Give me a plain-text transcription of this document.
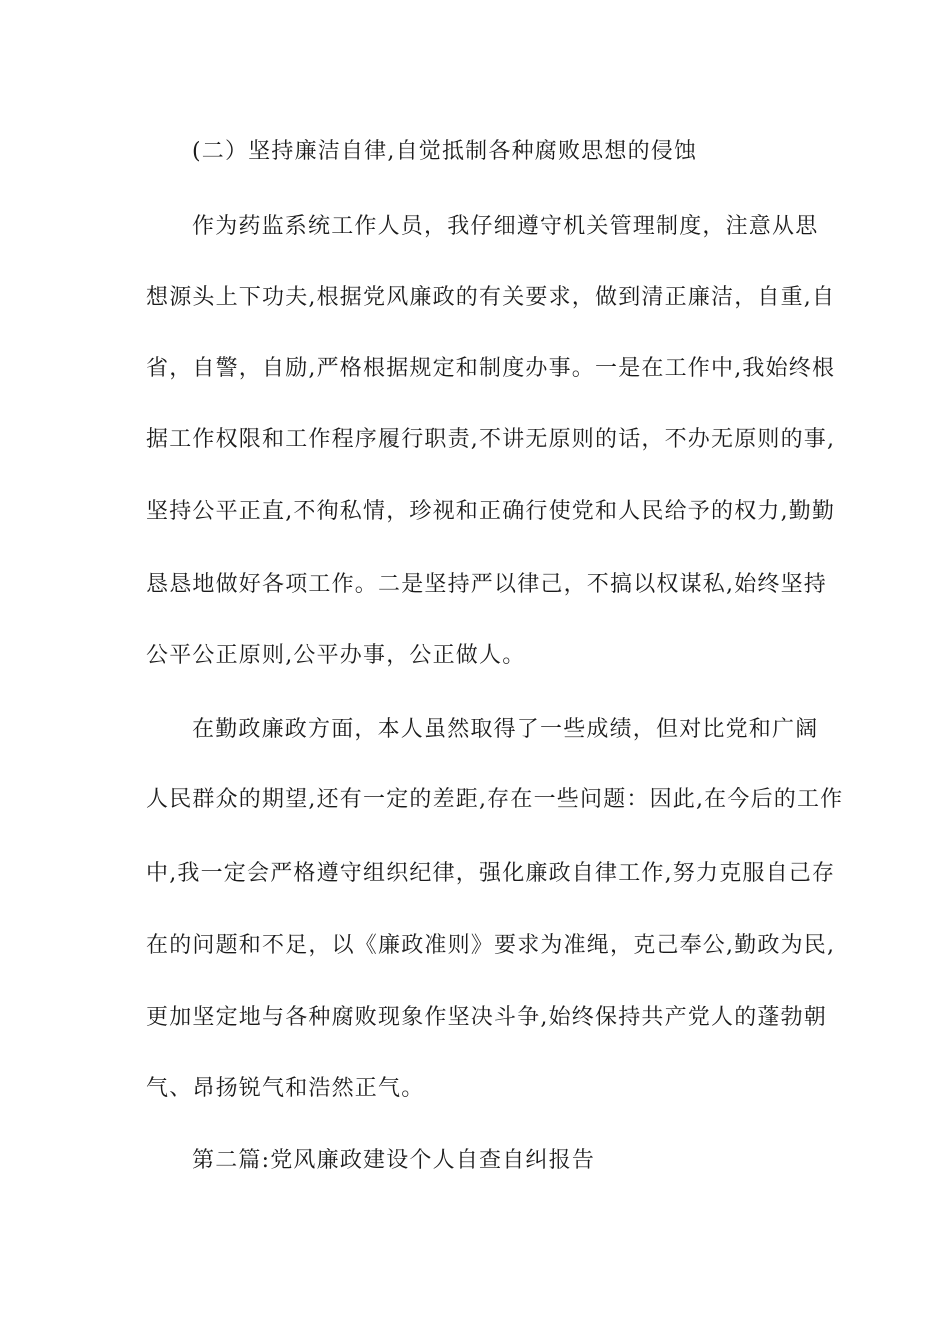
(二）坚持廉洁自律,自觉抵制各种腐败思想的侵蚀
作为药监系统工作人员，我仔细遵守机关管理制度，注意从思
想源头上下功夫,根据党风廉政的有关要求，做到清正廉洁，自重,自
省，自警，自励,严格根据规定和制度办事。一是在工作中,我始终根
据工作权限和工作程序履行职责,不讲无原则的话，不办无原则的事,
坚持公平正直,不徇私情，珍视和正确行使党和人民给予的权力,勤勤
恳恳地做好各项工作。二是坚持严以律己，不搞以权谋私,始终坚持
公平公正原则,公平办事，公正做人。
在勤政廉政方面，本人虽然取得了一些成绩，但对比党和广阔
人民群众的期望,还有一定的差距,存在一些问题：因此,在今后的工作
中,我一定会严格遵守组织纪律，强化廉政自律工作,努力克服自己存
在的问题和不足，以《廉政准则》要求为准绳，克己奉公,勤政为民,
更加坚定地与各种腐败现象作坚决斗争,始终保持共产党人的蓬勃朝
气、昂扬锐气和浩然正气。
第二篇:党风廉政建设个人自查自纠报告
